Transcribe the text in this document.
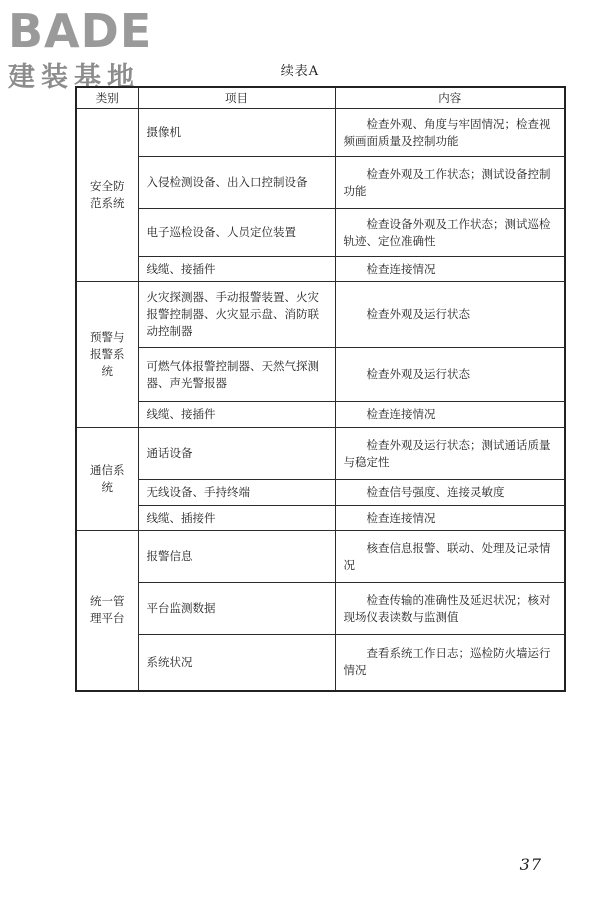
BADE
建装基地	续表A
类别	项目	内容
安全防范系统	摄像机	检查外观、角度与牢固情况；检查视频画面质量及控制功能
	入侵检测设备、出入口控制设备	检查外观及工作状态；测试设备控制功能
	电子巡检设备、人员定位装置	检查设备外观及工作状态；测试巡检轨迹、定位准确性
	线缆、接插件	检查连接情况
预警与报警系统	火灾探测器、手动报警装置、火灾报警控制器、火灾显示盘、消防联动控制器	检查外观及运行状态
	可燃气体报警控制器、天然气探测器、声光警报器	检查外观及运行状态
	线缆、接插件	检查连接情况
通信系统	通话设备	检查外观及运行状态；测试通话质量与稳定性
	无线设备、手持终端	检查信号强度、连接灵敏度
	线缆、插接件	检查连接情况
统一管理平台	报警信息	核查信息报警、联动、处理及记录情况
	平台监测数据	检查传输的准确性及延迟状况；核对现场仪表读数与监测值
	系统状况	查看系统工作日志；巡检防火墙运行情况
37
